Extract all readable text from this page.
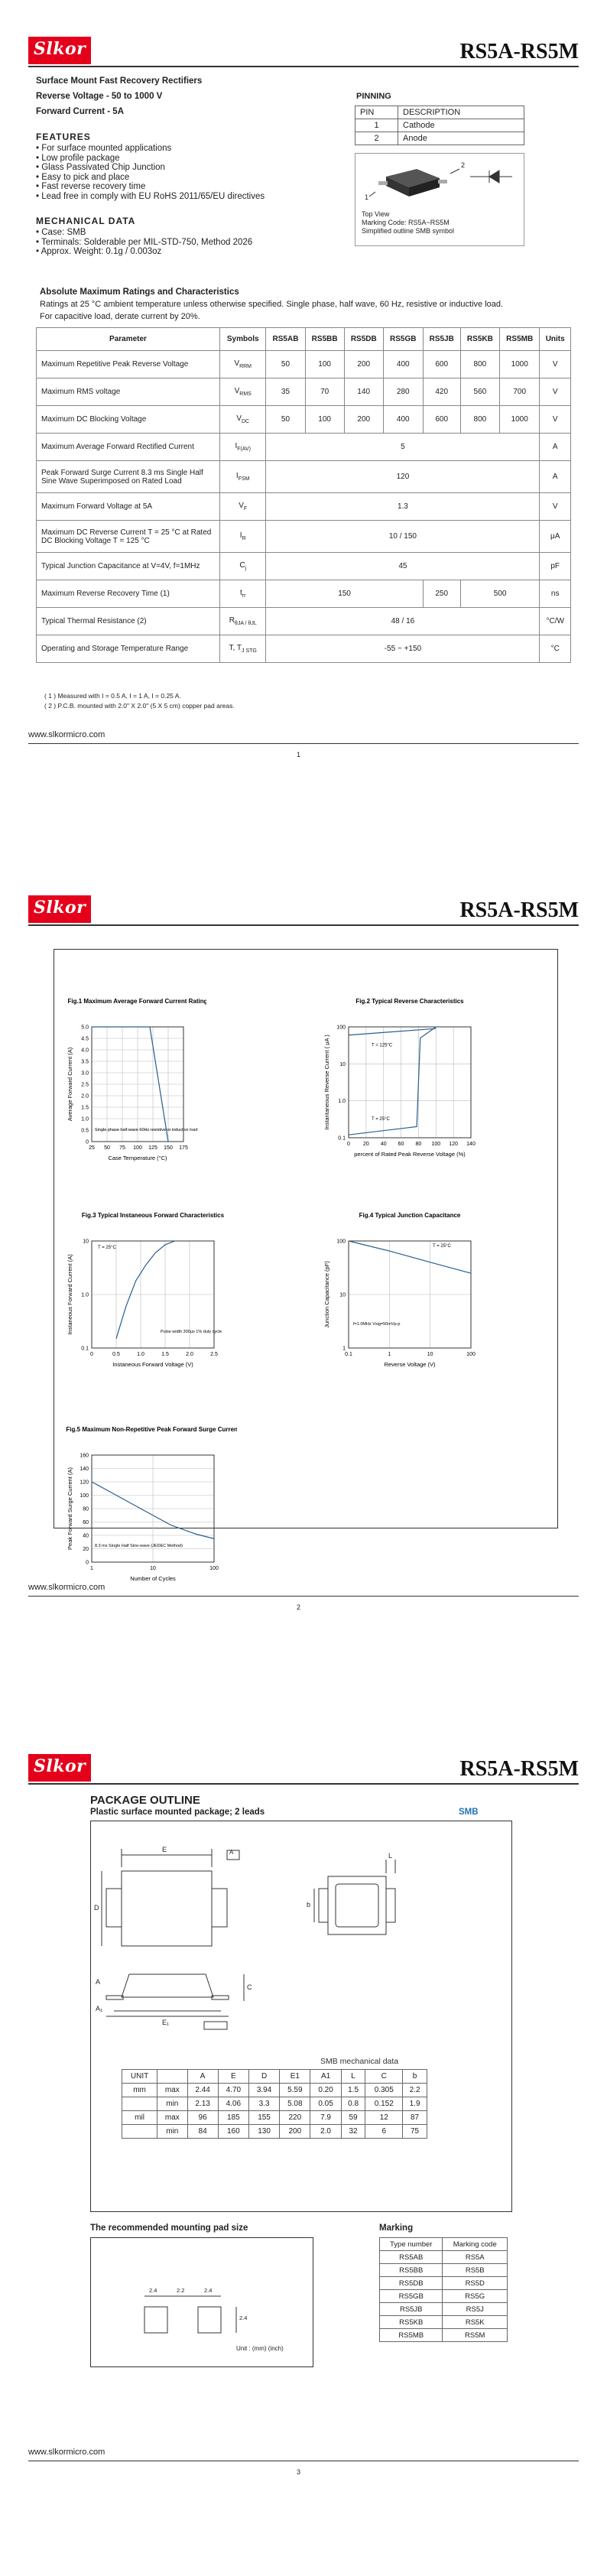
Slkor	RS5A-RS5M
Surface Mount Fast Recovery Rectifiers
Reverse Voltage - 50 to 1000 V
Forward Current - 5A
FEATURES
• For surface mounted applications
• Low profile package
• Glass Passivated Chip Junction
• Easy to pick and place
• Fast reverse recovery time
• Lead free in comply with EU RoHS 2011/65/EU directives
MECHANICAL DATA
• Case: SMB
• Terminals: Solderable per MIL-STD-750, Method 2026
• Approx. Weight: 0.1g / 0.003oz
PINNING
PIN	DESCRIPTION
1	Cathode
2	Anode
2
1
Top View
Marking Code: RS5A~RS5M
Simplified outline SMB symbol
Absolute Maximum Ratings and Characteristics
Ratings at 25 °C ambient temperature unless otherwise specified. Single phase, half wave, 60 Hz, resistive or inductive load.
For capacitive load, derate current by 20%.
Parameter	Symbols	RS5AB	RS5BB	RS5DB	RS5GB	RS5JB	RS5KB	RS5MB	Units
Maximum Repetitive Peak Reverse Voltage	$V_{RRM}$	50	100	200	400	600	800	1000	V
Maximum RMS voltage	$V_{RMS}$	35	70	140	280	420	560	700	V
Maximum DC Blocking Voltage	$V_{DC}$	50	100	200	400	600	800	1000	V
Maximum Average Forward Rectified Current	$I_{F(AV)}$	5							A
Peak Forward Surge Current 8.3 ms Single Half Sine Wave Superimposed on Rated Load	$I_{FSM}$	120							A
Maximum Forward Voltage at 5A	$V_F$	1.3							V
Maximum DC Reverse Current T = 25 °C at Rated DC Blocking Voltage T = 125 °C	$I_R$	10 / 150							μA
Typical Junction Capacitance at V=4V, f=1MHz	$C_j$	45							pF
Maximum Reverse Recovery Time (1)	$t_{rr}$	150				250	500		ns
Typical Thermal Resistance (2)	$R_{\theta JA / \theta JL}$	48 / 16							°C/W
Operating and Storage Temperature Range	T, $T_{J STG}$	-55 ~ +150							°C
( 1 ) Measured with I = 0.5 A, I = 1 A, I = 0.25 A.
( 2 ) P.C.B. mounted with 2.0" X 2.0" (5 X 5 cm) copper pad areas.
www.slkormicro.com
1
Slkor	RS5A-RS5M
Fig.1 Maximum Average Forward Current Rating
25 50 75 100 125 150 175
0
0.5
1.0
1.5
2.0
2.5
3.0
3.5
4.0
4.5
5.0
Case Temperature (°C)
Average Forward Current (A)
Single phase half-wave 60Hz resistive or inductive load
Fig.2 Typical Reverse Characteristics
0 20 40 60 80 100 120 140
0.1
1.0
10
100
percent of Rated Peak Reverse Voltage (%)
Instantaneous Reverse Current ( μA )	T = 125°C
T = 25°C
Fig.3 Typical Instaneous Forward Characteristics
0	0.5	1.0	1.5	2.0	2.5
0.1
1.0
10
Instaneous Forward Voltage (V)
Instaneous Forward Current (A)
T = 25°C
Pulse width 300μs 1% duty cycle
Fig.4 Typical Junction Capacitance
0.1	1	10	100
1
10
100
Reverse Voltage (V)
Junction Capacitance (pF)
T = 25°C
f=1.0MHz Vsig=50mVp-p
Fig.5 Maximum Non-Repetitive Peak Forward Surge Current
1	10	100
0
20
40
60
80
100
120
140
160
Number of Cycles
Peak Forward Surge Current (A)	8.3 ms Single Half Sine-wave (JEDEC Method)
www.slkormicro.com
2
Slkor	RS5A-RS5M
PACKAGE OUTLINE
Plastic surface mounted package; 2 leads	SMB
E	A
D	b
L
A
A₁
C
E₁
SMB mechanical data
UNIT		A	E	D	E1	A1	L	C	b
mm	max	2.44	4.70	3.94	5.59	0.20	1.5	0.305	2.2
	min	2.13	4.06	3.3	5.08	0.05	0.8	0.152	1.9
mil	max	96	185	155	220	7.9	59	12	87
	min	84	160	130	200	2.0	32	6	75
The recommended mounting pad size
2.4	2.2	2.4
2.4
Unit : (mm) (inch)
Marking
Type number	Marking code
RS5AB	RS5A
RS5BB	RS5B
RS5DB	RS5D
RS5GB	RS5G
RS5JB	RS5J
RS5KB	RS5K
RS5MB	RS5M
www.slkormicro.com
3
